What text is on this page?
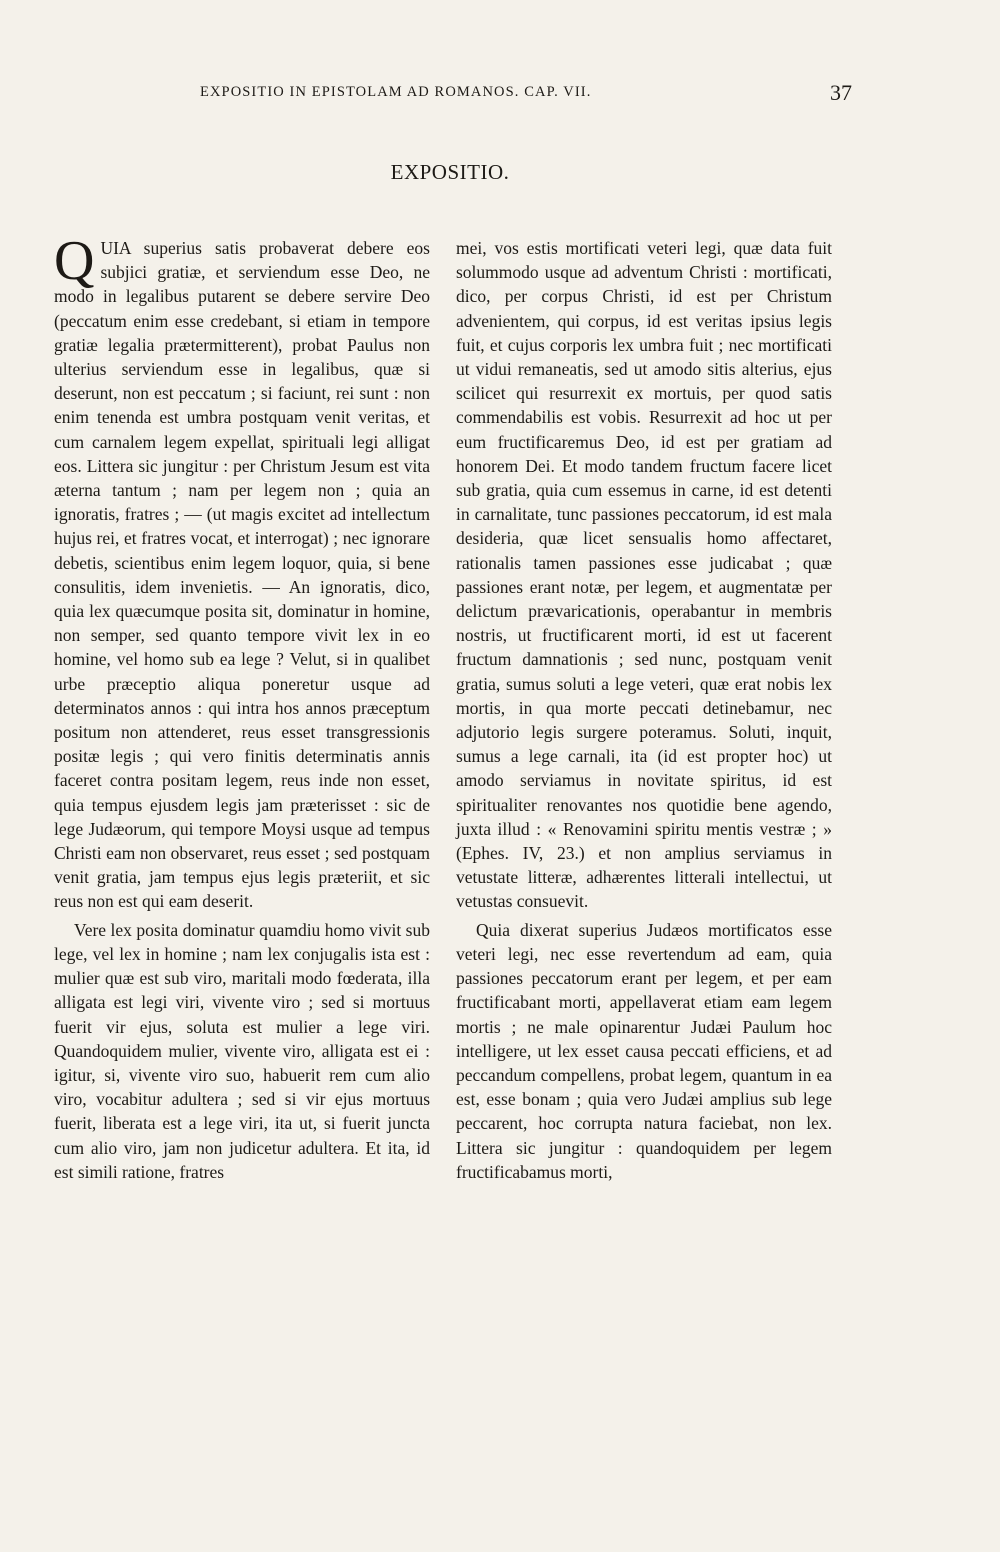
EXPOSITIO IN EPISTOLAM AD ROMANOS. CAP. VII.	37
EXPOSITIO.

QUIA superius satis probaverat debere eos subjici gratiæ, et serviendum esse Deo, ne modo in legalibus putarent se debere servire Deo (peccatum enim esse credebant, si etiam in tempore gratiæ legalia prætermitterent), probat Paulus non ulterius serviendum esse in legalibus, quæ si deserunt, non est peccatum ; si faciunt, rei sunt : non enim tenenda est umbra postquam venit veritas, et cum carnalem legem expellat, spirituali legi alligat eos. Littera sic jungitur : per Christum Jesum est vita æterna tantum ; nam per legem non ; quia an ignoratis, fratres ; — (ut magis excitet ad intellectum hujus rei, et fratres vocat, et interrogat) ; nec ignorare debetis, scientibus enim legem loquor, quia, si bene consulitis, idem invenietis. — An ignoratis, dico, quia lex quæcumque posita sit, dominatur in homine, non semper, sed quanto tempore vivit lex in eo homine, vel homo sub ea lege ? Velut, si in qualibet urbe præceptio aliqua poneretur usque ad determinatos annos : qui intra hos annos præceptum positum non attenderet, reus esset transgressionis positæ legis ; qui vero finitis determinatis annis faceret contra positam legem, reus inde non esset, quia tempus ejusdem legis jam præterisset : sic de lege Judæorum, qui tempore Moysi usque ad tempus Christi eam non observaret, reus esset ; sed postquam venit gratia, jam tempus ejus legis præteriit, et sic reus non est qui eam deserit.

Vere lex posita dominatur quamdiu homo vivit sub lege, vel lex in homine ; nam lex conjugalis ista est : mulier quæ est sub viro, maritali modo fœderata, illa alligata est legi viri, vivente viro ; sed si mortuus fuerit vir ejus, soluta est mulier a lege viri. Quandoquidem mulier, vivente viro, alligata est ei : igitur, si, vivente viro suo, habuerit rem cum alio viro, vocabitur adultera ; sed si vir ejus mortuus fuerit, liberata est a lege viri, ita ut, si fuerit juncta cum alio viro, jam non judicetur adultera. Et ita, id est simili ratione, fratres

mei, vos estis mortificati veteri legi, quæ data fuit solummodo usque ad adventum Christi : mortificati, dico, per corpus Christi, id est per Christum advenientem, qui corpus, id est veritas ipsius legis fuit, et cujus corporis lex umbra fuit ; nec mortificati ut vidui remaneatis, sed ut amodo sitis alterius, ejus scilicet qui resurrexit ex mortuis, per quod satis commendabilis est vobis. Resurrexit ad hoc ut per eum fructificaremus Deo, id est per gratiam ad honorem Dei. Et modo tandem fructum facere licet sub gratia, quia cum essemus in carne, id est detenti in carnalitate, tunc passiones peccatorum, id est mala desideria, quæ licet sensualis homo affectaret, rationalis tamen passiones esse judicabat ; quæ passiones erant notæ, per legem, et augmentatæ per delictum prævaricationis, operabantur in membris nostris, ut fructificarent morti, id est ut facerent fructum damnationis ; sed nunc, postquam venit gratia, sumus soluti a lege veteri, quæ erat nobis lex mortis, in qua morte peccati detinebamur, nec adjutorio legis surgere poteramus. Soluti, inquit, sumus a lege carnali, ita (id est propter hoc) ut amodo serviamus in novitate spiritus, id est spiritualiter renovantes nos quotidie bene agendo, juxta illud : « Renovamini spiritu mentis vestræ ; » (Ephes. IV, 23.) et non amplius serviamus in vetustate litteræ, adhærentes litterali intellectui, ut vetustas consuevit.

Quia dixerat superius Judæos mortificatos esse veteri legi, nec esse revertendum ad eam, quia passiones peccatorum erant per legem, et per eam fructificabant morti, appellaverat etiam eam legem mortis ; ne male opinarentur Judæi Paulum hoc intelligere, ut lex esset causa peccati efficiens, et ad peccandum compellens, probat legem, quantum in ea est, esse bonam ; quia vero Judæi amplius sub lege peccarent, hoc corrupta natura faciebat, non lex. Littera sic jungitur : quandoquidem per legem fructificabamus morti,
